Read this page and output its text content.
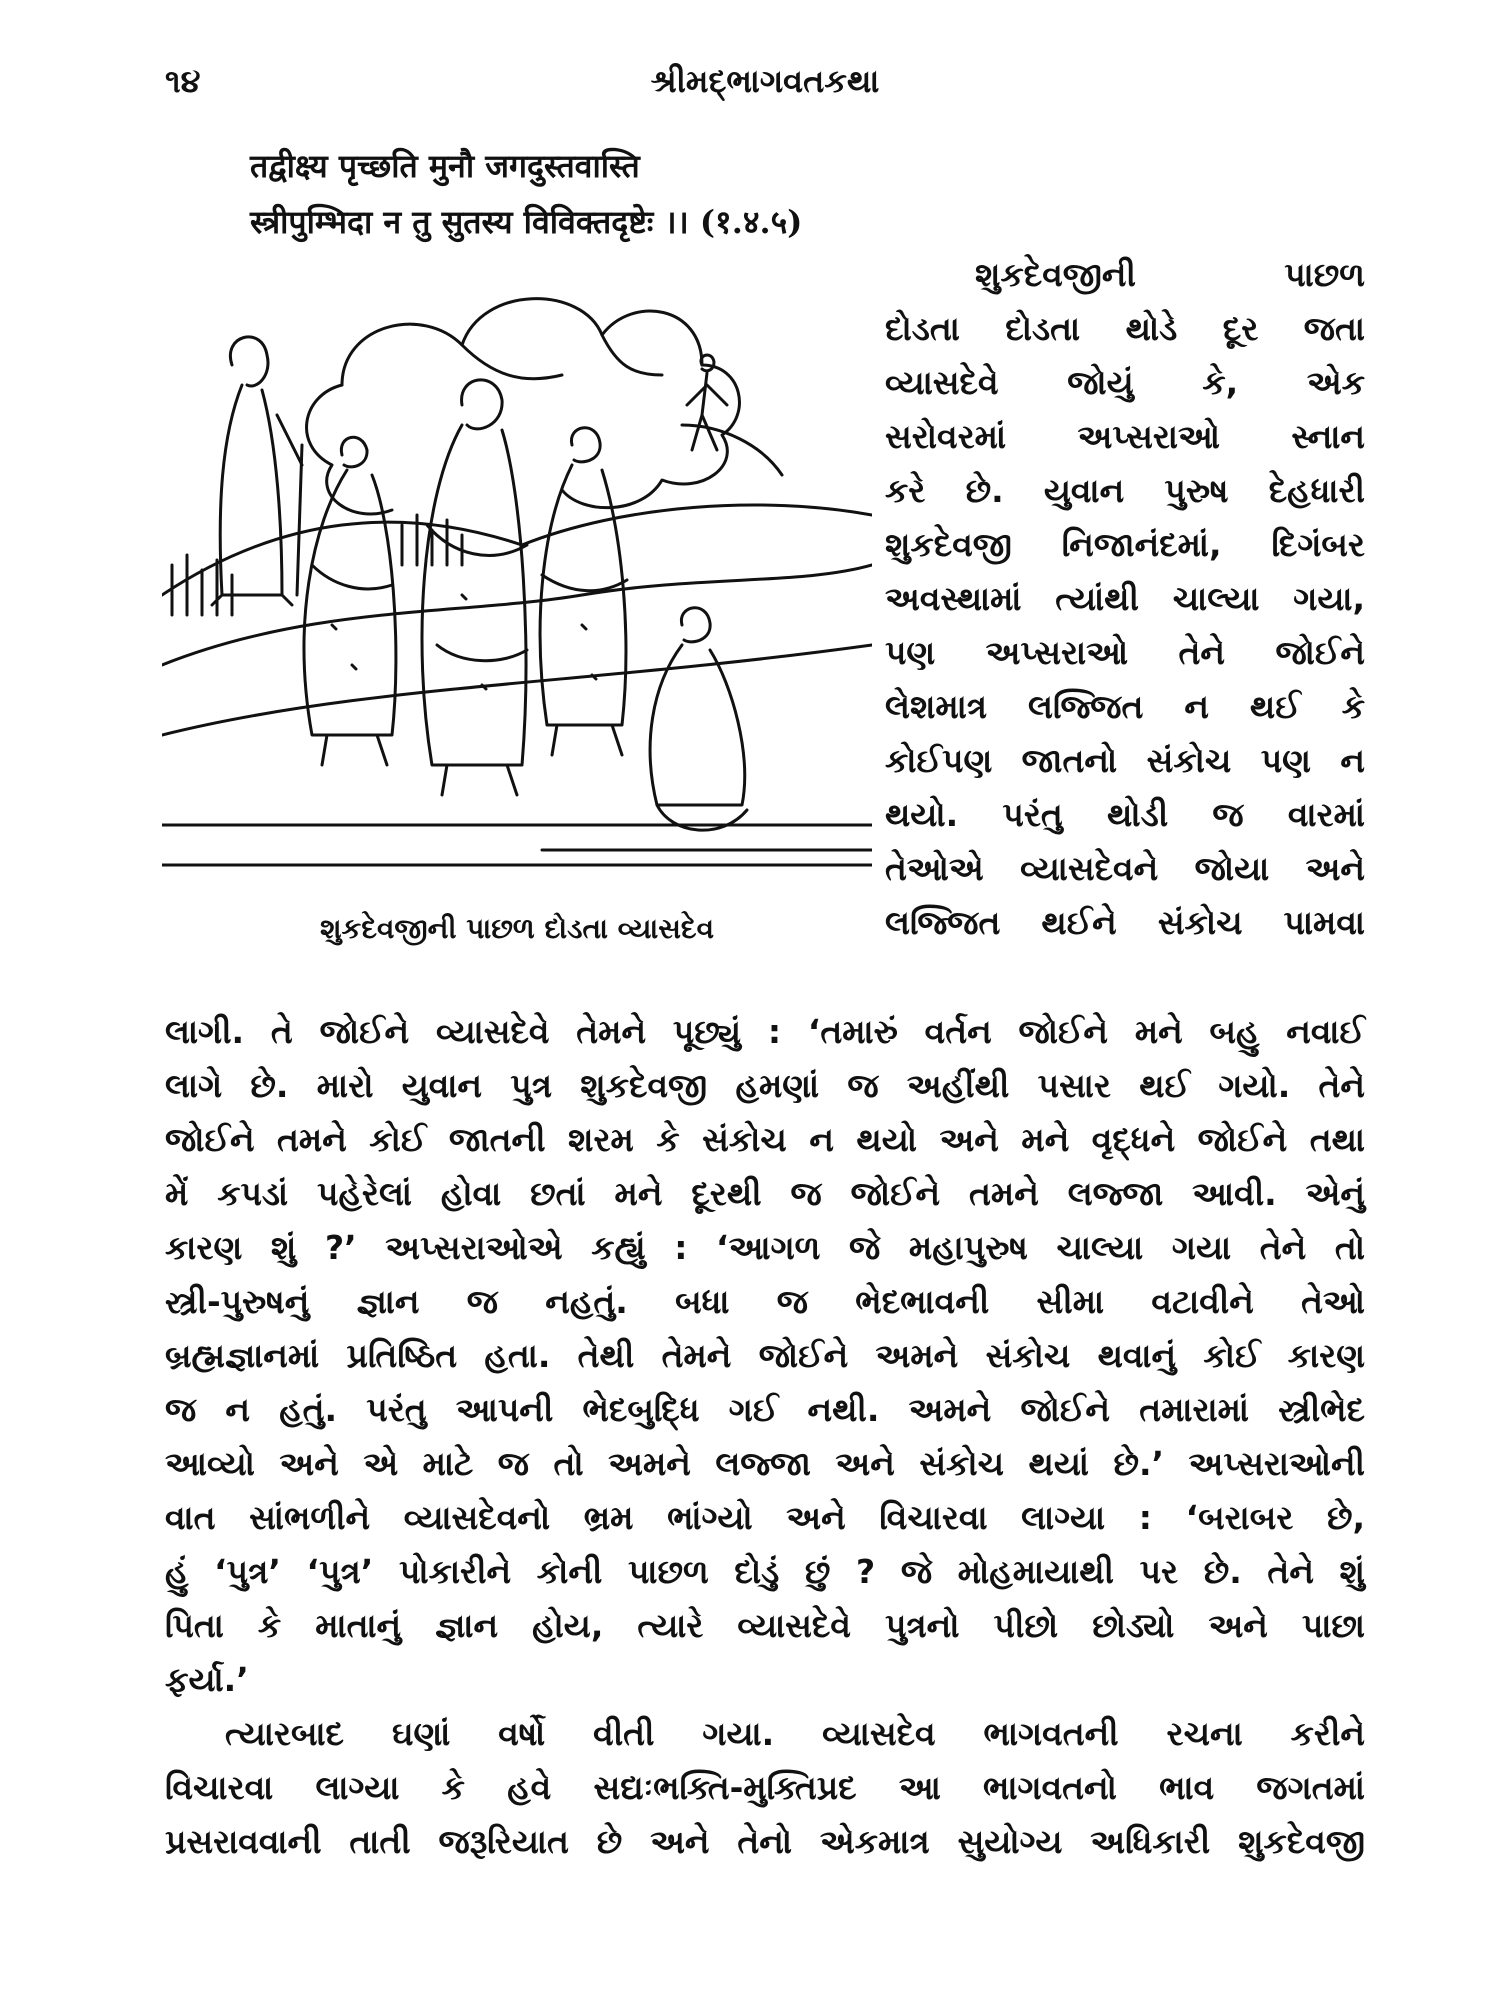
૧૪	શ્રીમદ્ભાગવતકથા
तद्वीक्ष्य पृच्छति मुनौ जगदुस्तवास्ति
स्त्रीपुम्भिदा न तु सुतस्य विविक्तदृष्टेः ।। (१.४.५)
શુકદેવજીની પાછળ દોડતા વ્યાસદેવ
શુકદેવજીની પાછળ
દોડતા દોડતા થોડે દૂર જતા
વ્યાસદેવે જોયું કે, એક
સરોવરમાં અપ્સરાઓ સ્નાન
કરે છે. યુવાન પુરુષ દેહધારી
શુકદેવજી નિજાનંદમાં, દિગંબર
અવસ્થામાં ત્યાંથી ચાલ્યા ગયા,
પણ અપ્સરાઓ તેને જોઈને
લેશમાત્ર લજ્જિત ન થઈ કે
કોઈપણ જાતનો સંકોચ પણ ન
થયો. પરંતુ થોડી જ વારમાં
તેઓએ વ્યાસદેવને જોયા અને
લજ્જિત થઈને સંકોચ પામવા
લાગી. તે જોઈને વ્યાસદેવે તેમને પૂછ્યું : ‘તમારું વર્તન જોઈને મને બહુ નવાઈ
લાગે છે. મારો યુવાન પુત્ર શુકદેવજી હમણાં જ અહીંથી પસાર થઈ ગયો. તેને
જોઈને તમને કોઈ જાતની શરમ કે સંકોચ ન થયો અને મને વૃદ્ધને જોઈને તથા
મેં કપડાં પહેરેલાં હોવા છતાં મને દૂરથી જ જોઈને તમને લજ્જા આવી. એનું
કારણ શું ?’ અપ્સરાઓએ કહ્યું : ‘આગળ જે મહાપુરુષ ચાલ્યા ગયા તેને તો
સ્ત્રી-પુરુષનું જ્ઞાન જ નહતું. બધા જ ભેદભાવની સીમા વટાવીને તેઓ
બ્રહ્મજ્ઞાનમાં પ્રતિષ્ઠિત હતા. તેથી તેમને જોઈને અમને સંકોચ થવાનું કોઈ કારણ
જ ન હતું. પરંતુ આપની ભેદબુદ્ધિ ગઈ નથી. અમને જોઈને તમારામાં સ્ત્રીભેદ
આવ્યો અને એ માટે જ તો અમને લજ્જા અને સંકોચ થયાં છે.’ અપ્સરાઓની
વાત સાંભળીને વ્યાસદેવનો ભ્રમ ભાંગ્યો અને વિચારવા લાગ્યા : ‘બરાબર છે,
હું ‘પુત્ર’ ‘પુત્ર’ પોકારીને કોની પાછળ દોડું છું ? જે મોહમાયાથી પર છે. તેને શું
પિતા કે માતાનું જ્ઞાન હોય, ત્યારે વ્યાસદેવે પુત્રનો પીછો છોડ્યો અને પાછા
ફર્યા.’
ત્યારબાદ ઘણાં વર્ષો વીતી ગયા. વ્યાસદેવ ભાગવતની રચના કરીને
વિચારવા લાગ્યા કે હવે સદ્યઃભક્તિ-મુક્તિપ્રદ આ ભાગવતનો ભાવ જગતમાં
પ્રસરાવવાની તાતી જરૂરિયાત છે અને તેનો એકમાત્ર સુયોગ્ય અધિકારી શુકદેવજી
